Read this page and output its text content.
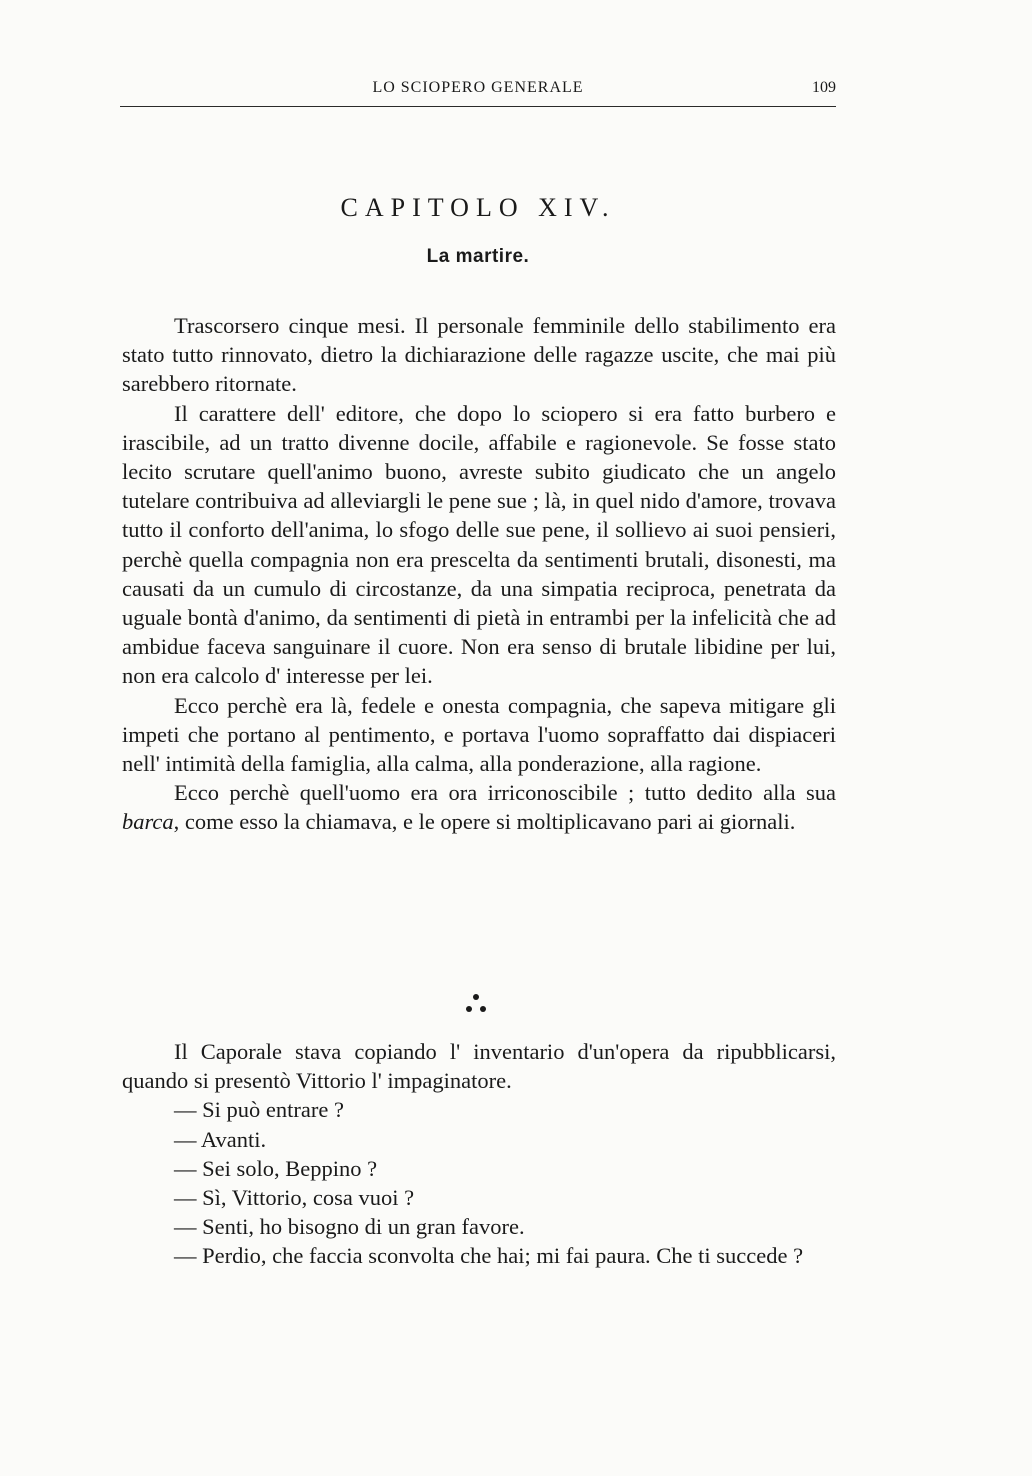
LO SCIOPERO GENERALE	109
CAPITOLO XIV.
La martire.

Trascorsero cinque mesi. Il personale femminile dello stabilimento era stato tutto rinnovato, dietro la dichiarazione delle ragazze uscite, che mai più sarebbero ritornate.

Il carattere dell' editore, che dopo lo sciopero si era fatto burbero e irascibile, ad un tratto divenne docile, affabile e ragionevole. Se fosse stato lecito scrutare quell'animo buono, avreste subito giudicato che un angelo tutelare contribuiva ad alleviargli le pene sue ; là, in quel nido d'amore, trovava tutto il conforto dell'anima, lo sfogo delle sue pene, il sollievo ai suoi pensieri, perchè quella compagnia non era prescelta da sentimenti brutali, disonesti, ma causati da un cumulo di circostanze, da una simpatia reciproca, penetrata da uguale bontà d'animo, da sentimenti di pietà in entrambi per la infelicità che ad ambidue faceva sanguinare il cuore. Non era senso di brutale libidine per lui, non era calcolo d' interesse per lei.

Ecco perchè era là, fedele e onesta compagnia, che sapeva mitigare gli impeti che portano al pentimento, e portava l'uomo sopraffatto dai dispiaceri nell' intimità della famiglia, alla calma, alla ponderazione, alla ragione.

Ecco perchè quell'uomo era ora irriconoscibile ; tutto dedito alla sua barca, come esso la chiamava, e le opere si moltiplicavano pari ai giornali.

Il Caporale stava copiando l' inventario d'un'opera da ripubblicarsi, quando si presentò Vittorio l' impaginatore.

— Si può entrare ?

— Avanti.

— Sei solo, Beppino ?

— Sì, Vittorio, cosa vuoi ?

— Senti, ho bisogno di un gran favore.

— Perdio, che faccia sconvolta che hai; mi fai paura. Che ti succede ?
